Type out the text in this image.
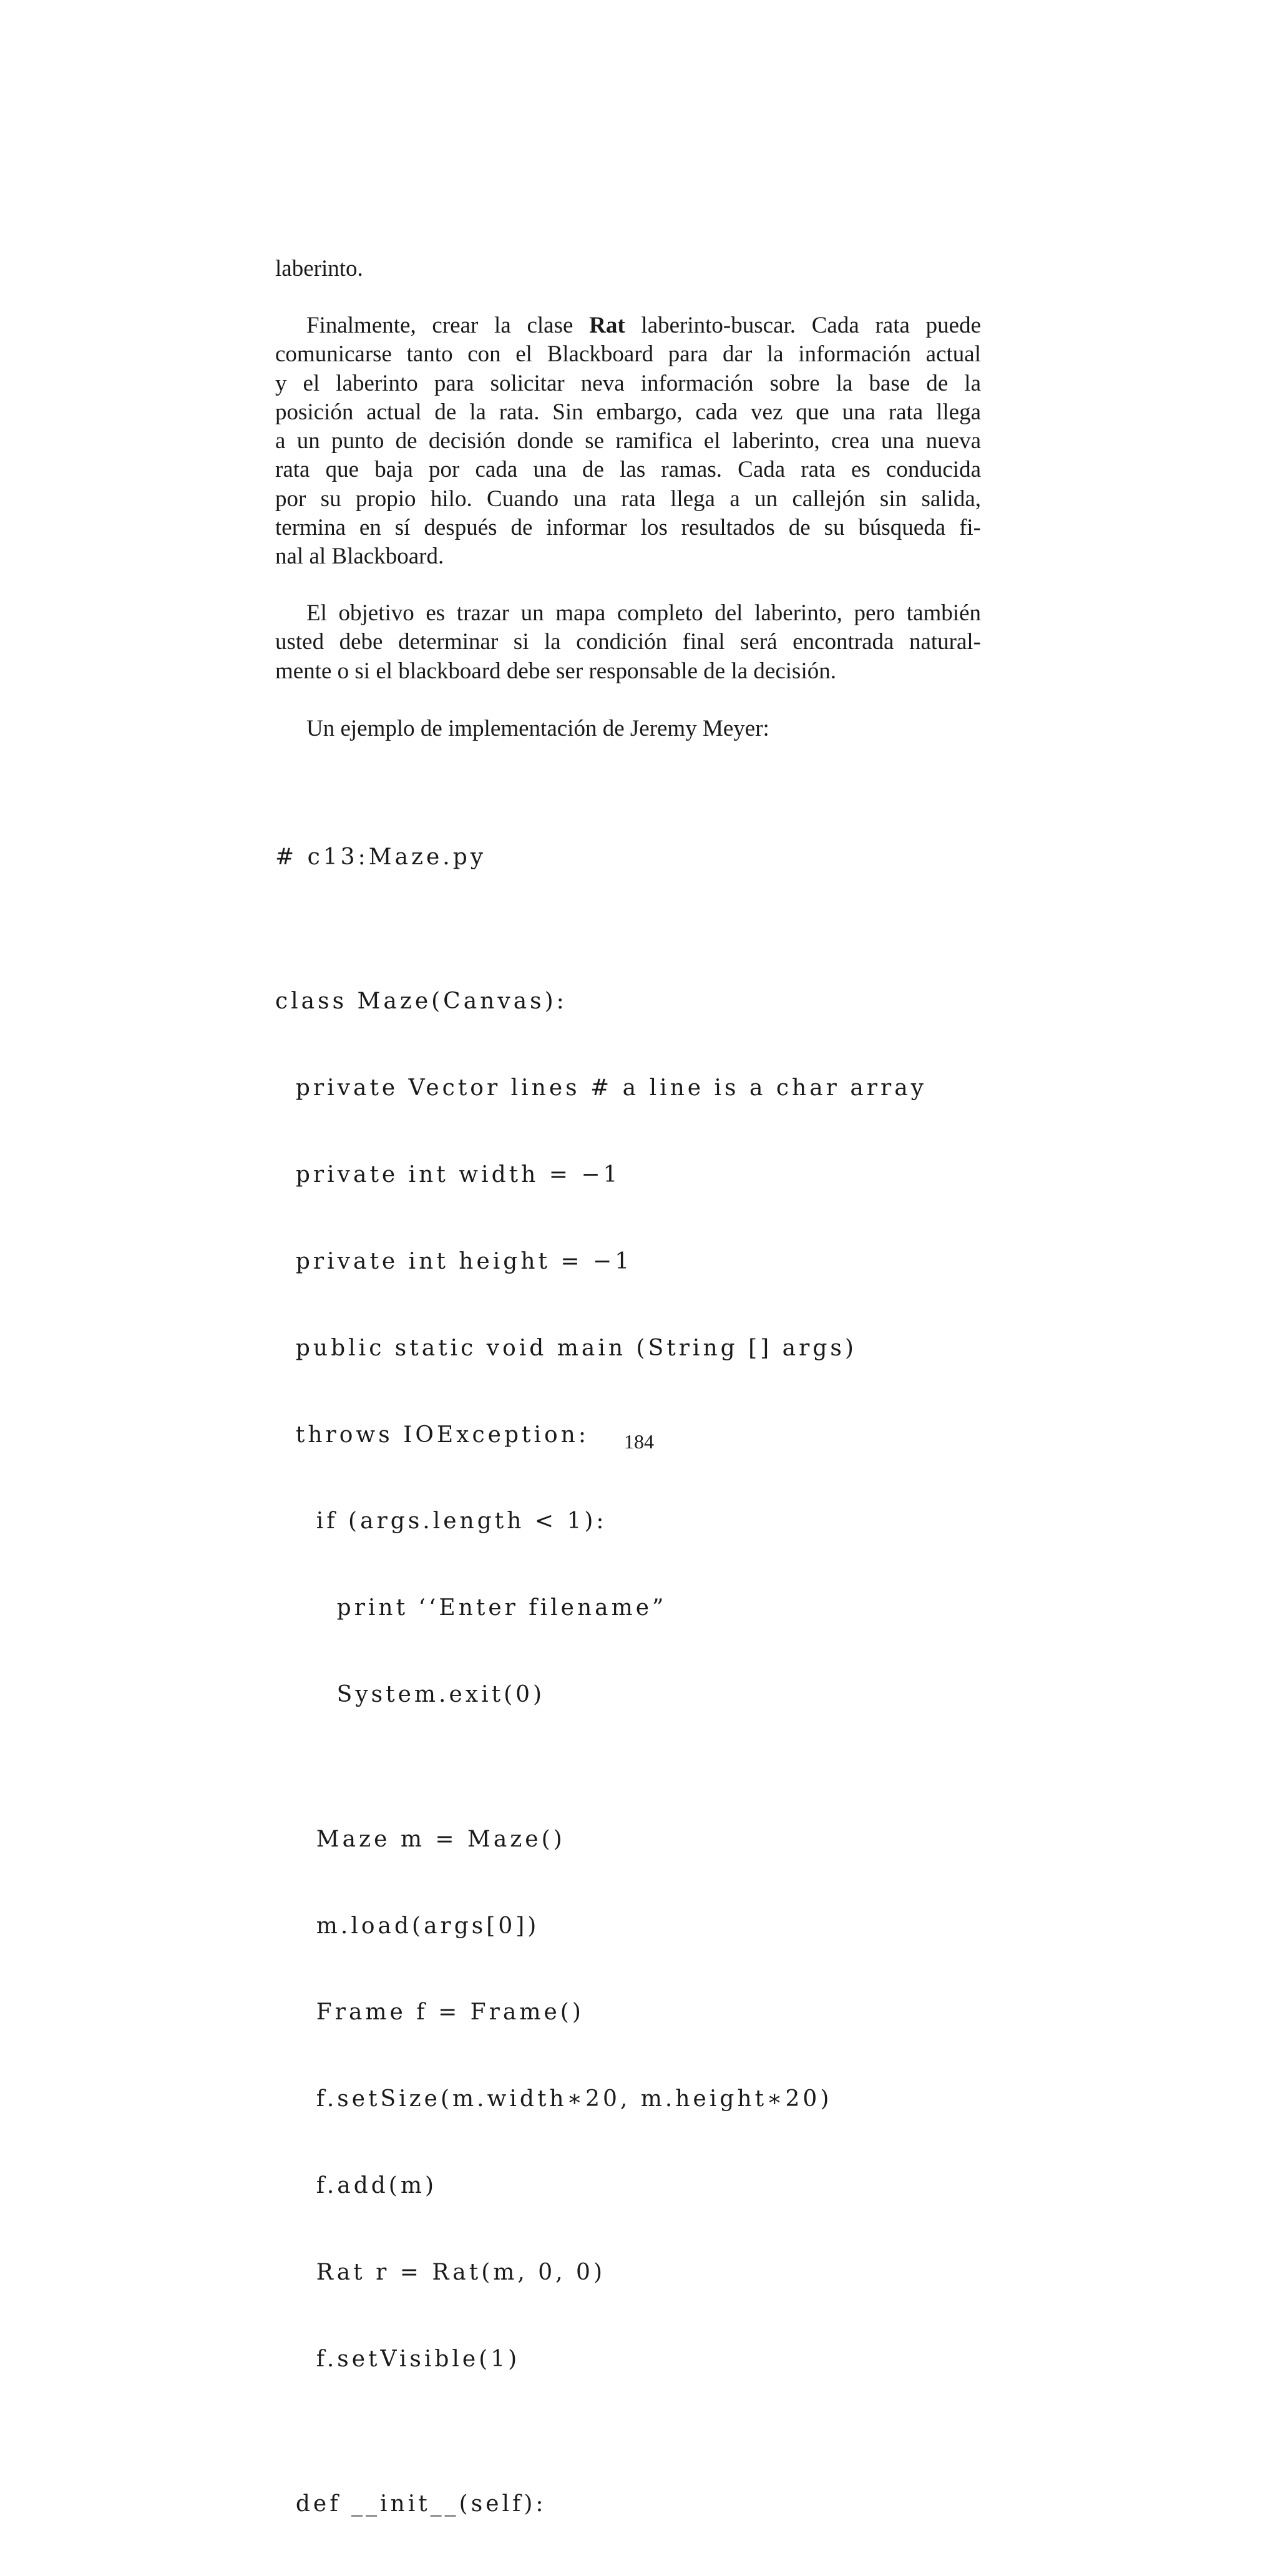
laberinto.
Finalmente, crear la clase Rat laberinto-buscar. Cada rata puede
comunicarse tanto con el Blackboard para dar la información actual
y el laberinto para solicitar neva información sobre la base de la
posición actual de la rata. Sin embargo, cada vez que una rata llega
a un punto de decisión donde se ramifica el laberinto, crea una nueva
rata que baja por cada una de las ramas. Cada rata es conducida
por su propio hilo. Cuando una rata llega a un callejón sin salida,
termina en sí después de informar los resultados de su búsqueda fi-
nal al Blackboard.
El objetivo es trazar un mapa completo del laberinto, pero también
usted debe determinar si la condición final será encontrada natural-
mente o si el blackboard debe ser responsable de la decisión.
Un ejemplo de implementación de Jeremy Meyer:

# c13:Maze.py

class Maze(Canvas):

private Vector lines # a line is a char array

private int width = −1

private int height = −1

public static void main (String [] args)

throws IOException:

if (args.length < 1):

print ‘‘Enter filename”

System.exit(0)

Maze m = Maze()

m.load(args[0])

Frame f = Frame()

f.setSize(m.width∗20, m.height∗20)

f.add(m)

Rat r = Rat(m, 0, 0)

f.setVisible(1)

def __init__(self):

184
